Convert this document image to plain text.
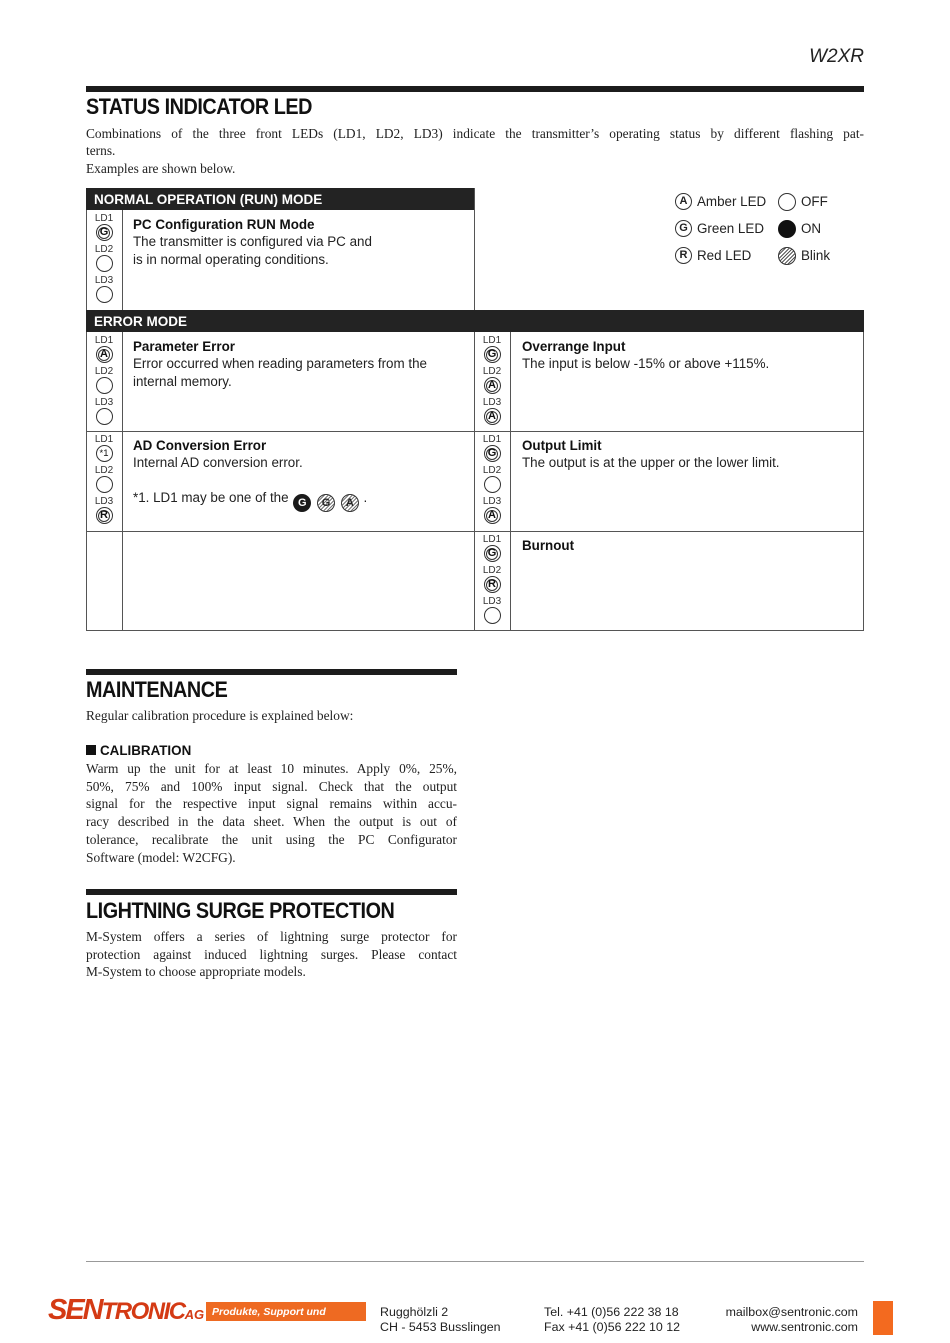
W2XR
STATUS INDICATOR LED
Combinations of the three front LEDs (LD1, LD2, LD3) indicate the transmitter’s operating status by different flashing pat-
terns.
Examples are shown below.
NORMAL OPERATION (RUN) MODE
LD1
G
LD2
LD3
PC Configuration RUN Mode
The transmitter is configured via PC and
is in normal operating conditions.
A Amber LED
G Green LED
R Red LED
OFF
ON
Blink
ERROR MODE
LD1
A
LD2
LD3
Parameter Error
Error occurred when reading parameters from the
internal memory.
LD1
G
LD2
A
LD3
A
Overrange Input
The input is below -15% or above +115%.
LD1
*1
LD2
LD3
R
AD Conversion Error
Internal AD conversion error.
*1. LD1 may be one of the G G A .
LD1
G
LD2
LD3
A
Output Limit
The output is at the upper or the lower limit.
LD1
G
LD2
R
LD3
Burnout
MAINTENANCE
Regular calibration procedure is explained below:
CALIBRATION
Warm up the unit for at least 10 minutes. Apply 0%, 25%,
50%, 75% and 100% input signal. Check that the output
signal for the respective input signal remains within accu-
racy described in the data sheet. When the output is out of
tolerance, recalibrate the unit using the PC Configurator
Software (model: W2CFG).
LIGHTNING SURGE PROTECTION
M-System offers a series of lightning surge protector for
protection against induced lightning surges. Please contact
M-System to choose appropriate models.
Produkte, Support und Service
SENTRONICAG	Rugghölzli 2
CH - 5453 Busslingen
Tel. +41 (0)56 222 38 18
Fax +41 (0)56 222 10 12
mailbox@sentronic.com
www.sentronic.com
